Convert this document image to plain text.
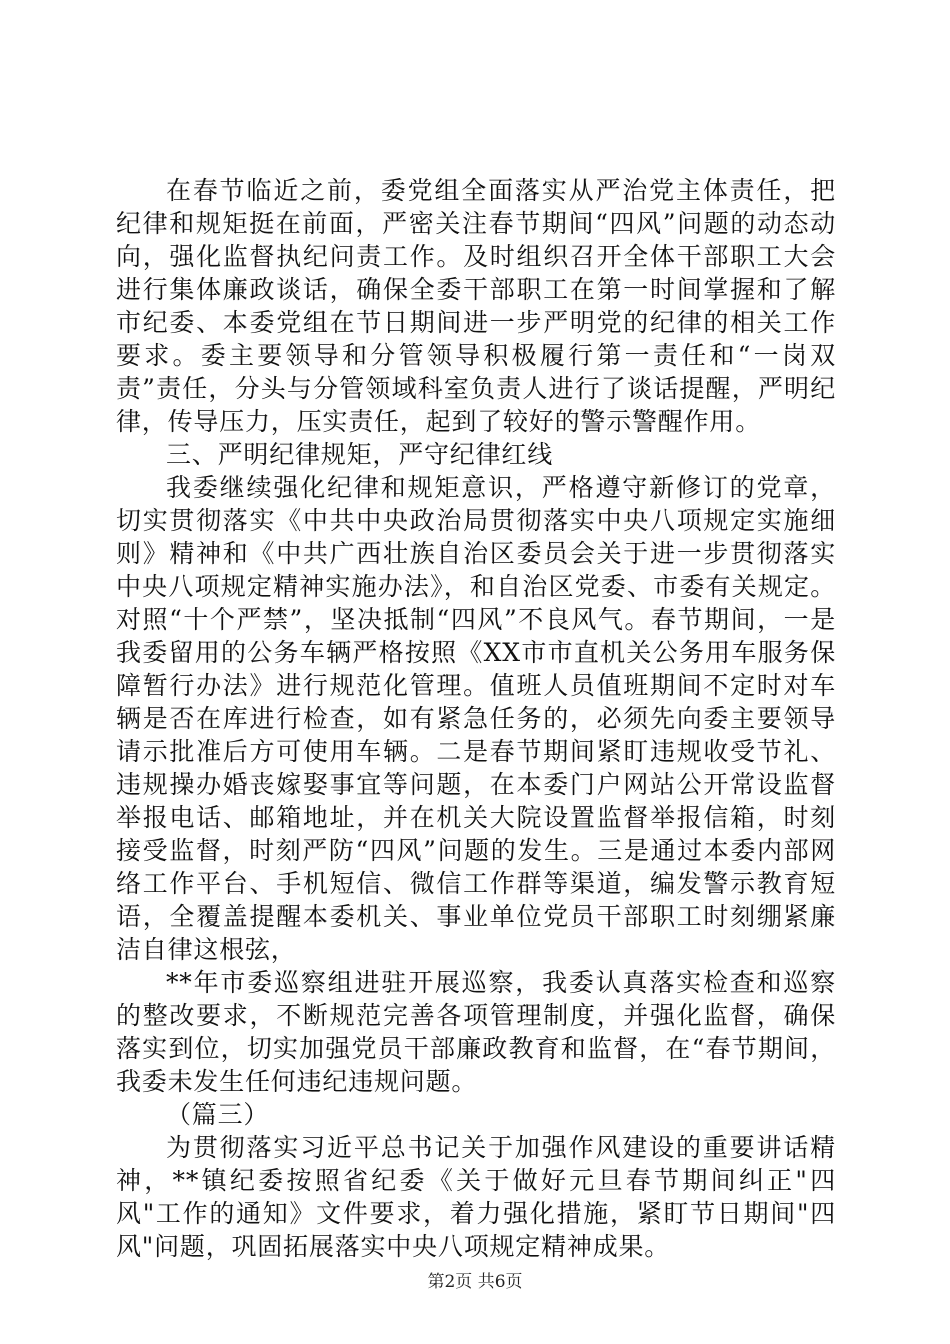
在春节临近之前，委党组全面落实从严治党主体责任，把纪律和规矩挺在前面，严密关注春节期间“四风”问题的动态动向，强化监督执纪问责工作。及时组织召开全体干部职工大会进行集体廉政谈话，确保全委干部职工在第一时间掌握和了解市纪委、本委党组在节日期间进一步严明党的纪律的相关工作要求。委主要领导和分管领导积极履行第一责任和“一岗双责”责任，分头与分管领域科室负责人进行了谈话提醒，严明纪律，传导压力，压实责任，起到了较好的警示警醒作用。

三、严明纪律规矩，严守纪律红线

我委继续强化纪律和规矩意识，严格遵守新修订的党章，切实贯彻落实《中共中央政治局贯彻落实中央八项规定实施细则》精神和《中共广西壮族自治区委员会关于进一步贯彻落实中央八项规定精神实施办法》，和自治区党委、市委有关规定。对照“十个严禁”，坚决抵制“四风”不良风气。春节期间，一是我委留用的公务车辆严格按照《XX市市直机关公务用车服务保障暂行办法》进行规范化管理。值班人员值班期间不定时对车辆是否在库进行检查，如有紧急任务的，必须先向委主要领导请示批准后方可使用车辆。二是春节期间紧盯违规收受节礼、违规操办婚丧嫁娶事宜等问题，在本委门户网站公开常设监督举报电话、邮箱地址，并在机关大院设置监督举报信箱，时刻接受监督，时刻严防“四风”问题的发生。三是通过本委内部网络工作平台、手机短信、微信工作群等渠道，编发警示教育短语，全覆盖提醒本委机关、事业单位党员干部职工时刻绷紧廉洁自律这根弦，

**年市委巡察组进驻开展巡察，我委认真落实检查和巡察的整改要求，不断规范完善各项管理制度，并强化监督，确保落实到位，切实加强党员干部廉政教育和监督，在“春节期间，我委未发生任何违纪违规问题。

（篇三）

为贯彻落实习近平总书记关于加强作风建设的重要讲话精神，**镇纪委按照省纪委《关于做好元旦春节期间纠正"四风"工作的通知》文件要求，着力强化措施，紧盯节日期间"四风"问题，巩固拓展落实中央八项规定精神成果。

第2页 共6页
